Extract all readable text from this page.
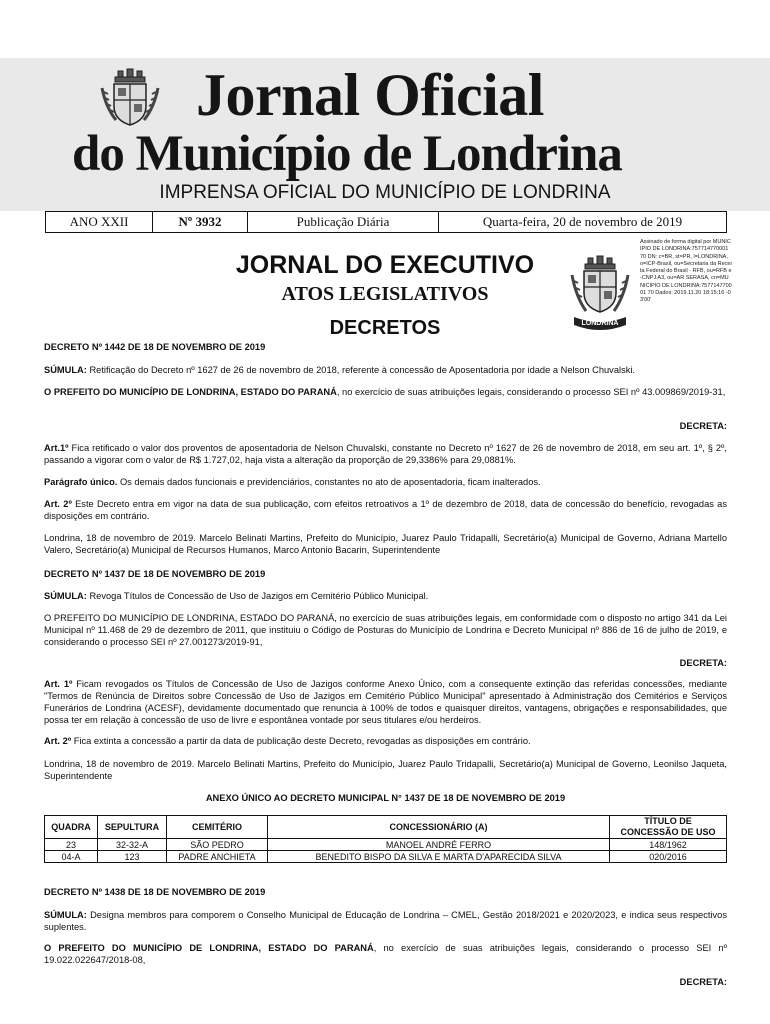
Jornal Oficial
do Município de Londrina
IMPRENSA OFICIAL DO MUNICÍPIO DE LONDRINA
ANO XXII	Nº 3932	Publicação Diária	Quarta-feira, 20 de novembro de 2019
JORNAL DO EXECUTIVO
ATOS LEGISLATIVOS
DECRETOS	LONDRINA
Assinado de forma digital por MUNICIPIO DE LONDRINA:757714770001 70 DN: c=BR, st=PR, l=LONDRINA, o=ICP-Brasil, ou=Secretaria da Receita Federal do Brasil - RFB, ou=RFB e-CNPJ A3, ou=AR SERASA, cn=MUNICIPIO DE LONDRINA:757714770001 70 Dados: 2019.11.20 18:15:16 -03'00'
DECRETO Nº 1442 DE 18 DE NOVEMBRO DE 2019
SÚMULA: Retificação do Decreto nº 1627 de 26 de novembro de 2018, referente à concessão de Aposentadoria por idade a Nelson Chuvalski.
O PREFEITO DO MUNICÍPIO DE LONDRINA, ESTADO DO PARANÁ, no exercício de suas atribuições legais, considerando o processo SEI nº 43.009869/2019-31,
DECRETA:
Art.1º Fica retificado o valor dos proventos de aposentadoria de Nelson Chuvalski, constante no Decreto nº 1627 de 26 de novembro de 2018, em seu art. 1º, § 2º, passando a vigorar com o valor de R$ 1.727,02, haja vista a alteração da proporção de 29,3386% para 29,0881%.
Parágrafo único. Os demais dados funcionais e previdenciários, constantes no ato de aposentadoria, ficam inalterados.
Art. 2º Este Decreto entra em vigor na data de sua publicação, com efeitos retroativos a 1º de dezembro de 2018, data de concessão do benefício, revogadas as disposições em contrário.
Londrina, 18 de novembro de 2019. Marcelo Belinati Martins, Prefeito do Município, Juarez Paulo Tridapalli, Secretário(a) Municipal de Governo, Adriana Martello Valero, Secretário(a) Municipal de Recursos Humanos, Marco Antonio Bacarin, Superintendente
DECRETO Nº 1437 DE 18 DE NOVEMBRO DE 2019
SÚMULA: Revoga Títulos de Concessão de Uso de Jazigos em Cemitério Público Municipal.
O PREFEITO DO MUNICÍPIO DE LONDRINA, ESTADO DO PARANÁ, no exercício de suas atribuições legais, em conformidade com o disposto no artigo 341 da Lei Municipal nº 11.468 de 29 de dezembro de 2011, que instituiu o Código de Posturas do Município de Londrina e Decreto Municipal nº 886 de 16 de julho de 2019, e considerando o processo SEI nº 27.001273/2019-91,
DECRETA:
Art. 1º Ficam revogados os Títulos de Concessão de Uso de Jazigos conforme Anexo Único, com a consequente extinção das referidas concessões, mediante "Termos de Renúncia de Direitos sobre Concessão de Uso de Jazigos em Cemitério Público Municipal" apresentado à Administração dos Cemitérios e Serviços Funerários de Londrina (ACESF), devidamente documentado que renuncia à 100% de todos e quaisquer direitos, vantagens, obrigações e responsabilidades, que possa ter em relação à concessão de uso de livre e espontânea vontade por seus titulares e/ou herdeiros.
Art. 2º Fica extinta a concessão a partir da data de publicação deste Decreto, revogadas as disposições em contrário.
Londrina, 18 de novembro de 2019. Marcelo Belinati Martins, Prefeito do Município, Juarez Paulo Tridapalli, Secretário(a) Municipal de Governo, Leonilso Jaqueta, Superintendente
ANEXO ÚNICO AO DECRETO MUNICIPAL N° 1437 DE 18 DE NOVEMBRO DE 2019
QUADRA	SEPULTURA	CEMITÉRIO	CONCESSIONÁRIO (A)	TÍTULO DE
CONCESSÃO DE USO
23	32-32-A	SÃO PEDRO	MANOEL ANDRÉ FERRO	148/1962
04-A	123	PADRE ANCHIETA	BENEDITO BISPO DA SILVA E MARTA D'APARECIDA SILVA	020/2016
DECRETO Nº 1438 DE 18 DE NOVEMBRO DE 2019
SÚMULA: Designa membros para comporem o Conselho Municipal de Educação de Londrina – CMEL, Gestão 2018/2021 e 2020/2023, e indica seus respectivos suplentes.
O PREFEITO DO MUNICÍPIO DE LONDRINA, ESTADO DO PARANÁ, no exercício de suas atribuições legais, considerando o processo SEI nº 19.022.022647/2018-08,
DECRETA:
